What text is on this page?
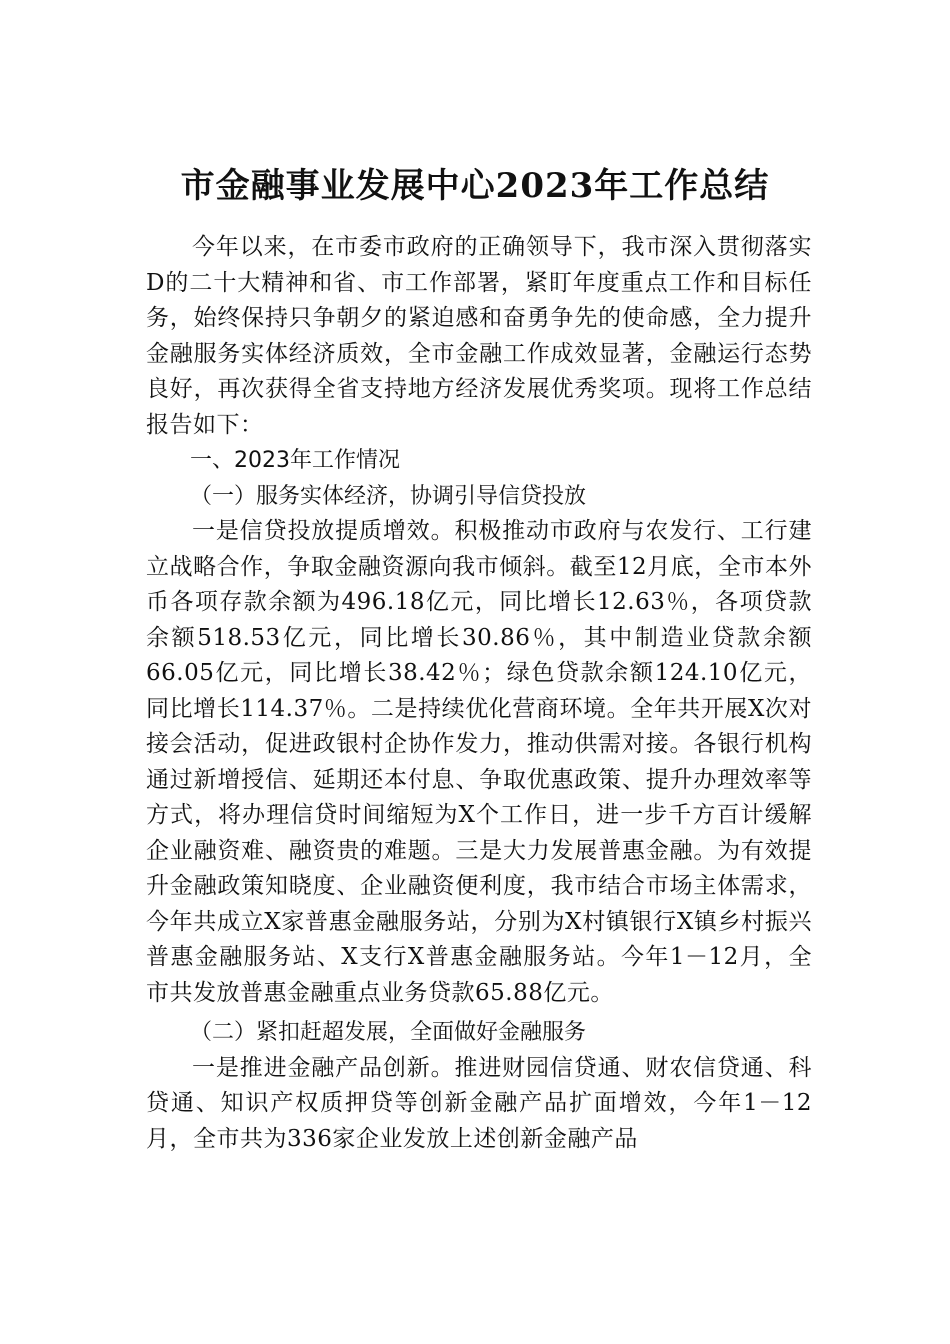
市金融事业发展中心2023年工作总结

今年以来，在市委市政府的正确领导下，我市深入贯彻落实D的二十大精神和省、市工作部署，紧盯年度重点工作和目标任务，始终保持只争朝夕的紧迫感和奋勇争先的使命感，全力提升金融服务实体经济质效，全市金融工作成效显著，金融运行态势良好，再次获得全省支持地方经济发展优秀奖项。现将工作总结报告如下：

一、2023年工作情况

（一）服务实体经济，协调引导信贷投放

一是信贷投放提质增效。积极推动市政府与农发行、工行建立战略合作，争取金融资源向我市倾斜。截至12月底，全市本外币各项存款余额为496.18亿元，同比增长12.63％，各项贷款余额518.53亿元，同比增长30.86％，其中制造业贷款余额66.05亿元，同比增长38.42％；绿色贷款余额124.10亿元，同比增长114.37％。二是持续优化营商环境。全年共开展X次对接会活动，促进政银村企协作发力，推动供需对接。各银行机构通过新增授信、延期还本付息、争取优惠政策、提升办理效率等方式，将办理信贷时间缩短为X个工作日，进一步千方百计缓解企业融资难、融资贵的难题。三是大力发展普惠金融。为有效提升金融政策知晓度、企业融资便利度，我市结合市场主体需求，今年共成立X家普惠金融服务站，分别为X村镇银行X镇乡村振兴普惠金融服务站、X支行X普惠金融服务站。今年1－12月，全市共发放普惠金融重点业务贷款65.88亿元。

（二）紧扣赶超发展，全面做好金融服务

一是推进金融产品创新。推进财园信贷通、财农信贷通、科贷通、知识产权质押贷等创新金融产品扩面增效，今年1－12月，全市共为336家企业发放上述创新金融产品
